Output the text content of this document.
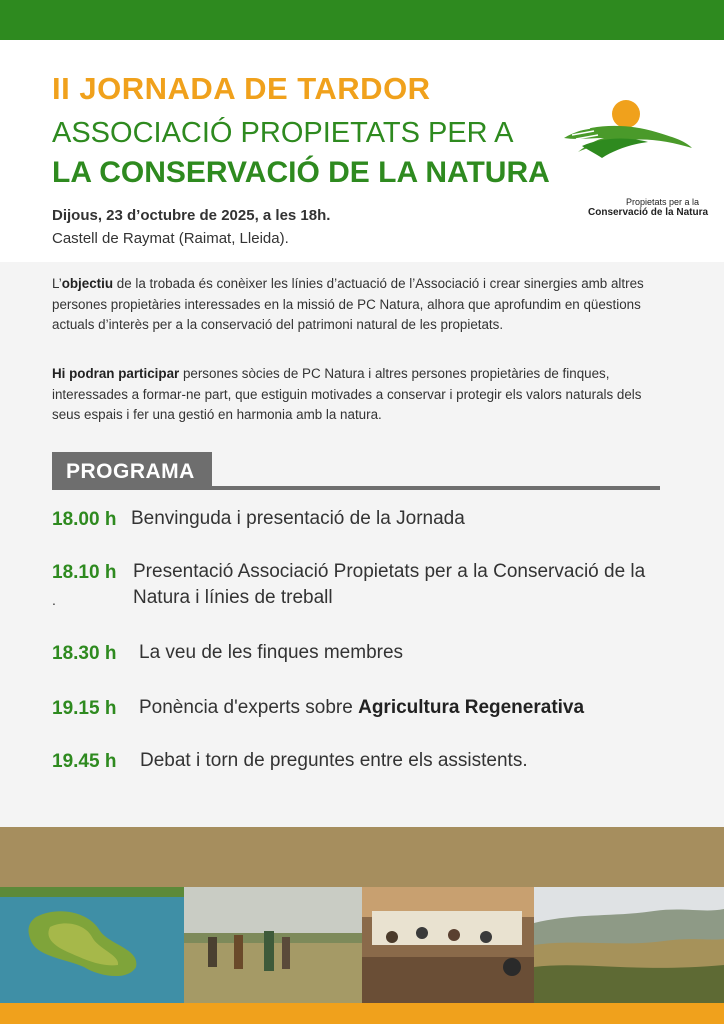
II JORNADA DE TARDOR
ASSOCIACIÓ PROPIETATS PER A
LA CONSERVACIÓ DE LA NATURA
Dijous, 23 d’octubre de 2025, a les 18h.
Castell de Raymat (Raimat, Lleida).
Propietats per a la
Conservació de la Natura

L’objectiu de la trobada és conèixer les línies d’actuació de l’Associació i crear sinergies amb altres persones propietàries interessades en la missió de PC Natura, alhora que aprofundim en qüestions actuals d’interès per a la conservació del patrimoni natural de les propietats.

Hi podran participar persones sòcies de PC Natura i altres persones propietàries de finques, interessades a formar-ne part, que estiguin motivades a conservar i protegir els valors naturals dels seus espais i fer una gestió en harmonia amb la natura.

PROGRAMA
18.00 h Benvinguda i presentació de la Jornada
18.10 h
.
Presentació Associació Propietats per a la Conservació de la Natura i línies de treball
18.30 h La veu de les finques membres
19.15 h Ponència d'experts sobre Agricultura Regenerativa
19.45 h Debat i torn de preguntes entre els assistents.
